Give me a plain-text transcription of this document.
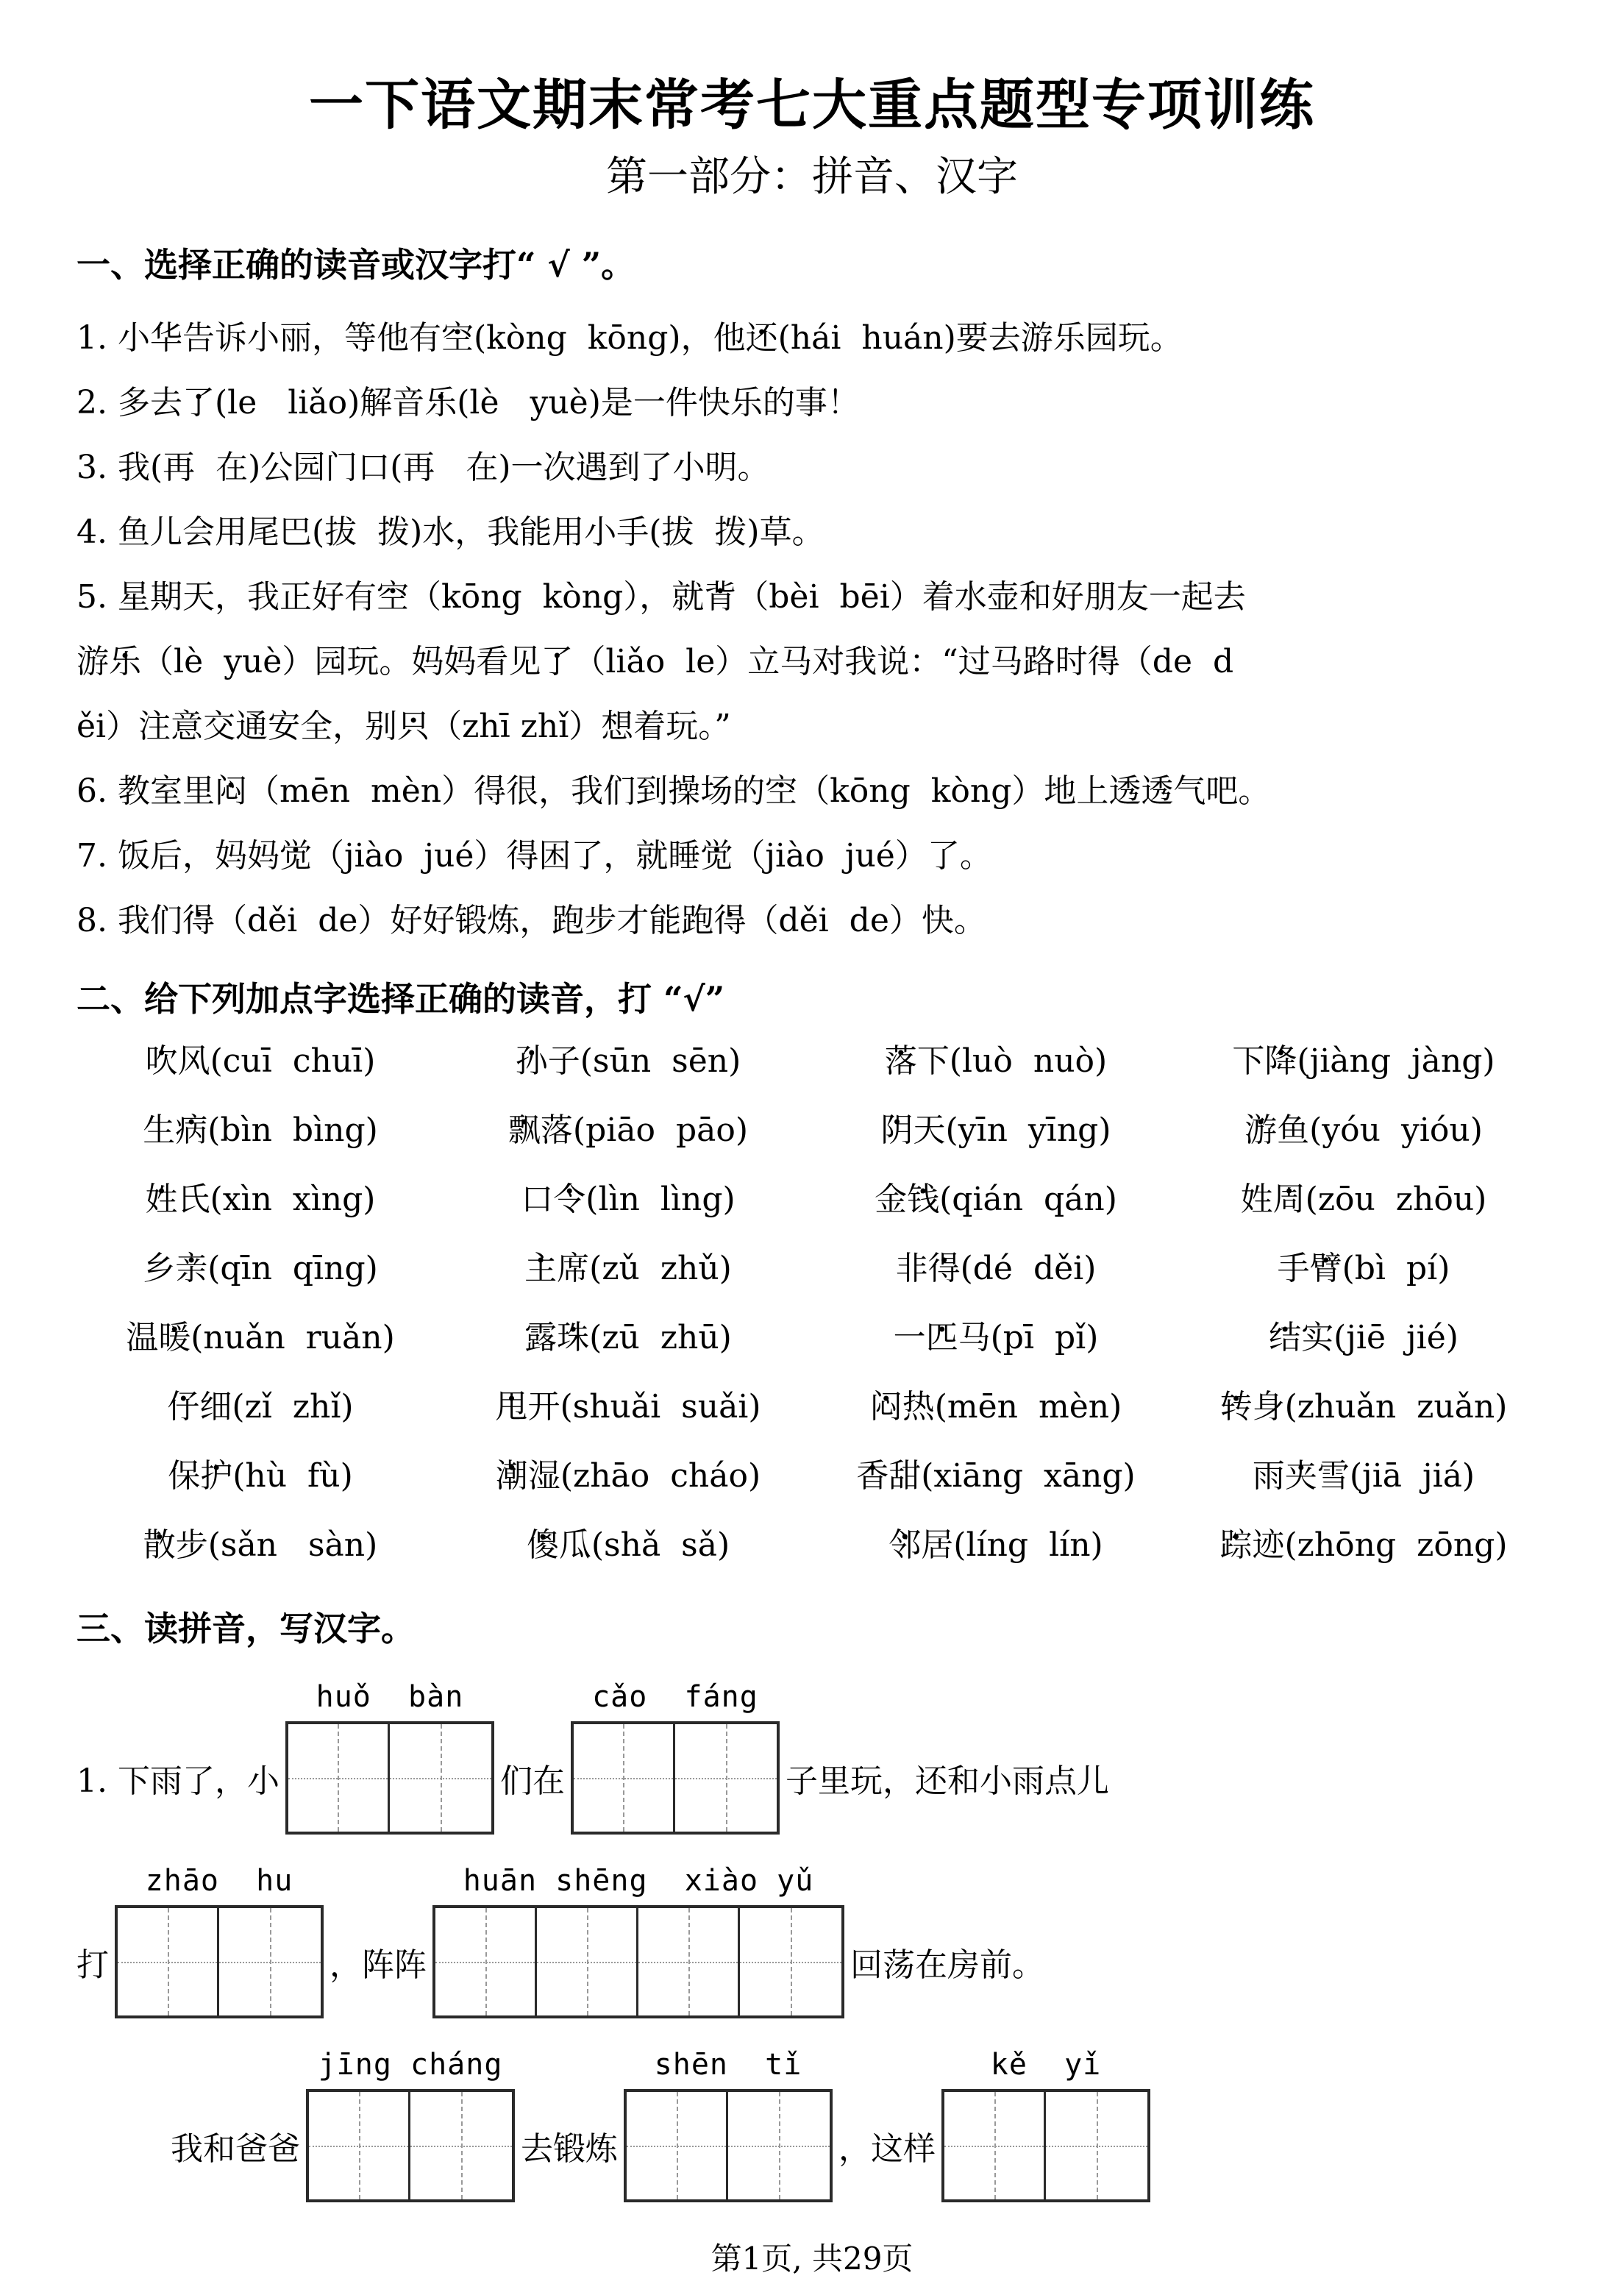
一下语文期末常考七大重点题型专项训练
第一部分：拼音、汉字
一、选择正确的读音或汉字打“ √ ”。

1. 小华告诉小丽，等他有空 •(kòng  kōng)，他还 •(hái  huán)要去游乐园玩。

2. 多去了 •(le   liǎo)解音乐 •(lè   yuè)是一件快乐的事！

3. 我(再  在)公园门口(再   在)一次遇到了小明。

4. 鱼儿会用尾巴(拔  拨)水，我能用小手(拔  拨)草。

5. 星期天，我正好有空 •（kōng  kòng），就背 •（bèi  bēi）着水壶和好朋友一起去

游乐 •（lè  yuè）园玩。妈妈看见了 •（liǎo  le）立马对我说：“过马路时得 •（de  d

ěi）注意交通安全，别只 •（zhī zhǐ）想着玩。”

6. 教室里闷 •（mēn  mèn）得很，我们到操场的空 •（kōng  kòng）地上透透气吧。

7. 饭后，妈妈觉 •（jiào  jué）得困了，就睡觉 •（jiào  jué）了。

8. 我们得 •（děi  de）好好锻炼，跑步才能跑得 •（děi  de）快。

二、给下列加点字选择正确的读音，打 “√”
吹 •风(cuī  chuī)	孙 •子(sūn  sēn)	落 •下(luò  nuò)	下降 •(jiàng  jàng)
生病 •(bìn  bìng)	飘 •落(piāo  pāo)	阴 •天(yīn  yīng)	游 •鱼(yóu  yióu)
姓 •氏(xìn  xìng)	口令 •(lìn  lìng)	金钱 •(qián  qán)	姓周 •(zōu  zhōu)
乡亲 •(qīn  qīng)	主 •席(zǔ  zhǔ)	非得 •(dé  děi)	手臂 •(bì  pí)
温暖 •(nuǎn  ruǎn)	露珠 •(zū  zhū)	一匹 •马(pī  pǐ)	结 •实(jiē  jié)
仔 •细(zǐ  zhǐ)	甩 •开(shuǎi  suǎi)	闷 •热(mēn  mèn)	转 •身(zhuǎn  zuǎn)
保护 •(hù  fù)	潮 •湿(zhāo  cháo)	香 •甜(xiāng  xāng)	雨夹 •雪(jiā  jiá)
散 •步(sǎn   sàn)	傻 •瓜(shǎ  sǎ)	邻 •居(líng  lín)	踪 •迹(zhōng  zōng)
三、读拼音，写汉字。
1. 下雨了，小
huǒ  bàn
们在
cǎo  fáng
子里玩，还和小雨点儿
打
zhāo  hu
，阵阵
huān shēng  xiào yǔ
回荡在房前。
我和爸爸
jīng cháng
去锻炼
shēn  tǐ
，这样
kě  yǐ
第1页, 共29页
